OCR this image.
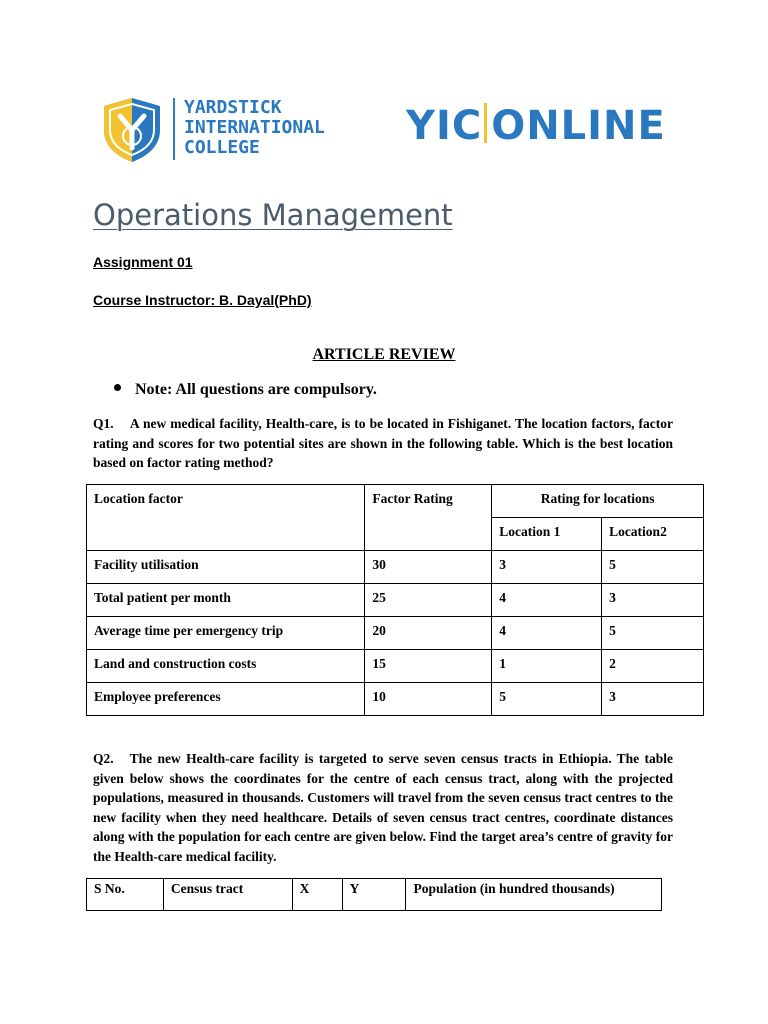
YARDSTICK
INTERNATIONAL
COLLEGE	YIC ONLINE
Operations Management
Assignment 01
Course Instructor: B. Dayal(PhD)
ARTICLE REVIEW
Note: All questions are compulsory.
Q1. A new medical facility, Health-care, is to be located in Fishiganet. The location factors, factor rating and scores for two potential sites are shown in the following table. Which is the best location based on factor rating method?
Location factor	Factor Rating	Rating for locations	
		Location 1	Location2
Facility utilisation	30	3	5
Total patient per month	25	4	3
Average time per emergency trip	20	4	5
Land and construction costs	15	1	2
Employee preferences	10	5	3
Q2. The new Health-care facility is targeted to serve seven census tracts in Ethiopia. The table given below shows the coordinates for the centre of each census tract, along with the projected populations, measured in thousands. Customers will travel from the seven census tract centres to the new facility when they need healthcare. Details of seven census tract centres, coordinate distances along with the population for each centre are given below. Find the target area’s centre of gravity for the Health-care medical facility.
S No.	Census tract	X	Y	Population (in hundred thousands)
